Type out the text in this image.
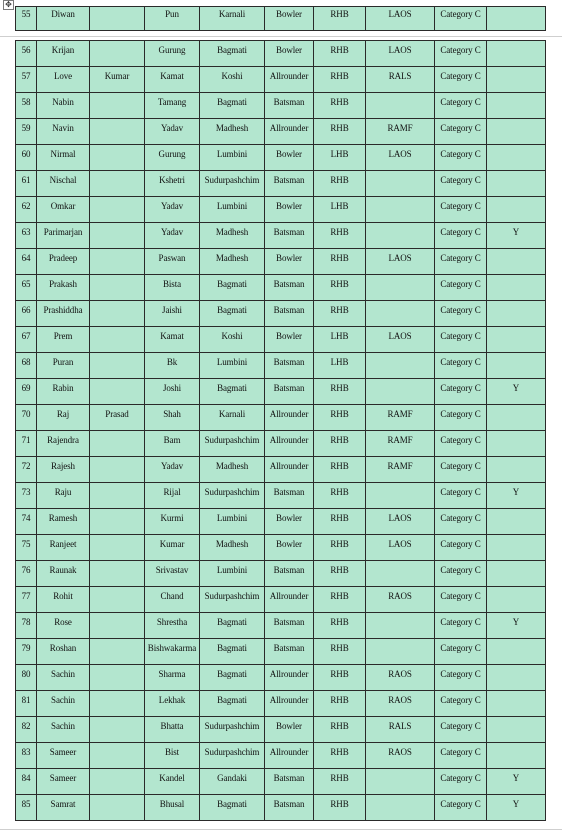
✥
55	Diwan		Pun	Karnali	Bowler	RHB	LAOS	Category C	
56	Krijan		Gurung	Bagmati	Bowler	RHB	LAOS	Category C	
57	Love	Kumar	Kamat	Koshi	Allrounder	RHB	RALS	Category C	
58	Nabin		Tamang	Bagmati	Batsman	RHB		Category C	
59	Navin		Yadav	Madhesh	Allrounder	RHB	RAMF	Category C	
60	Nirmal		Gurung	Lumbini	Bowler	LHB	LAOS	Category C	
61	Nischal		Kshetri	Sudurpashchim	Batsman	RHB		Category C	
62	Omkar		Yadav	Lumbini	Bowler	LHB		Category C	
63	Parimarjan		Yadav	Madhesh	Batsman	RHB		Category C	Y
64	Pradeep		Paswan	Madhesh	Bowler	RHB	LAOS	Category C	
65	Prakash		Bista	Bagmati	Batsman	RHB		Category C	
66	Prashiddha		Jaishi	Bagmati	Batsman	RHB		Category C	
67	Prem		Kamat	Koshi	Bowler	LHB	LAOS	Category C	
68	Puran		Bk	Lumbini	Batsman	LHB		Category C	
69	Rabin		Joshi	Bagmati	Batsman	RHB		Category C	Y
70	Raj	Prasad	Shah	Karnali	Allrounder	RHB	RAMF	Category C	
71	Rajendra		Bam	Sudurpashchim	Allrounder	RHB	RAMF	Category C	
72	Rajesh		Yadav	Madhesh	Allrounder	RHB	RAMF	Category C	
73	Raju		Rijal	Sudurpashchim	Batsman	RHB		Category C	Y
74	Ramesh		Kurmi	Lumbini	Bowler	RHB	LAOS	Category C	
75	Ranjeet		Kumar	Madhesh	Bowler	RHB	LAOS	Category C	
76	Raunak		Srivastav	Lumbini	Batsman	RHB		Category C	
77	Rohit		Chand	Sudurpashchim	Allrounder	RHB	RAOS	Category C	
78	Rose		Shrestha	Bagmati	Batsman	RHB		Category C	Y
79	Roshan		Bishwakarma	Bagmati	Batsman	RHB		Category C	
80	Sachin		Sharma	Bagmati	Allrounder	RHB	RAOS	Category C	
81	Sachin		Lekhak	Bagmati	Allrounder	RHB	RAOS	Category C	
82	Sachin		Bhatta	Sudurpashchim	Bowler	RHB	RALS	Category C	
83	Sameer		Bist	Sudurpashchim	Allrounder	RHB	RAOS	Category C	
84	Sameer		Kandel	Gandaki	Batsman	RHB		Category C	Y
85	Samrat		Bhusal	Bagmati	Batsman	RHB		Category C	Y
